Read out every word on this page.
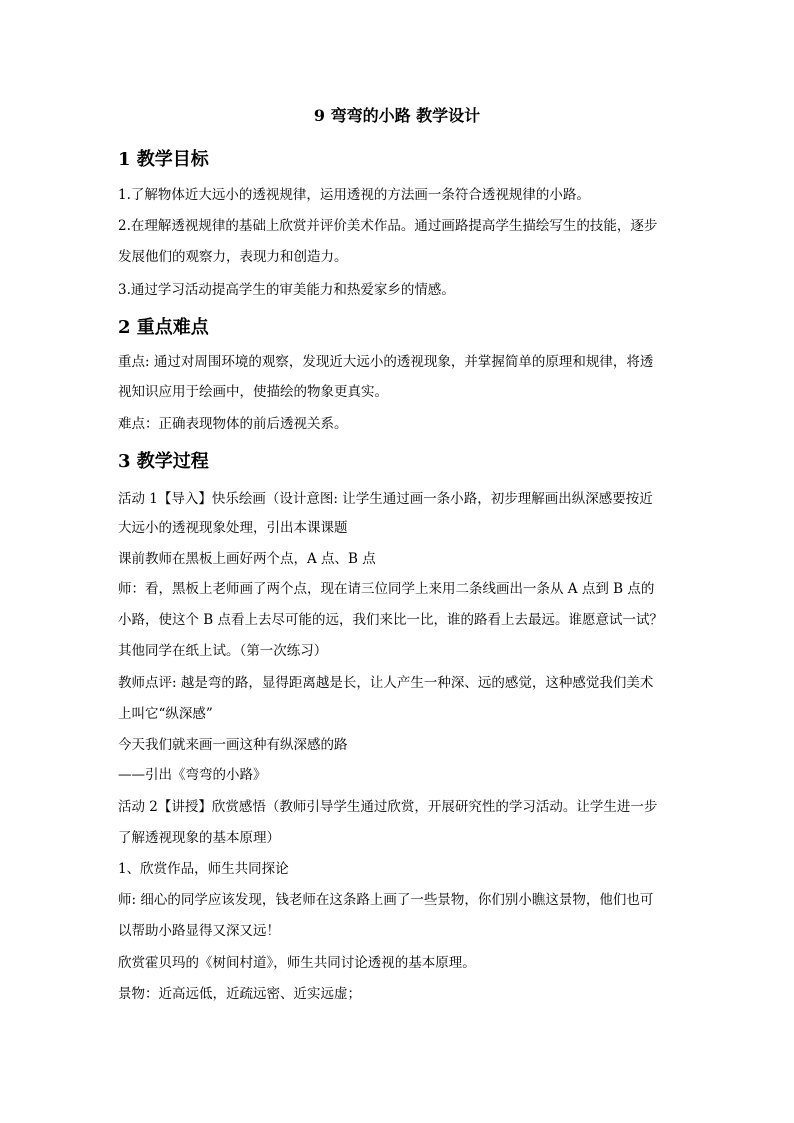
9 弯弯的小路 教学设计
1 教学目标
1.了解物体近大远小的透视规律，运用透视的方法画一条符合透视规律的小路。
2.在理解透视规律的基础上欣赏并评价美术作品。通过画路提高学生描绘写生的技能，逐步
发展他们的观察力，表现力和创造力。
3.通过学习活动提高学生的审美能力和热爱家乡的情感。
2 重点难点
重点: 通过对周围环境的观察，发现近大远小的透视现象，并掌握简单的原理和规律，将透
视知识应用于绘画中，使描绘的物象更真实。
难点：正确表现物体的前后透视关系。
3 教学过程
活动 1【导入】快乐绘画（设计意图: 让学生通过画一条小路，初步理解画出纵深感要按近
大远小的透视现象处理，引出本课课题
课前教师在黑板上画好两个点，A 点、B 点
师：看，黑板上老师画了两个点，现在请三位同学上来用二条线画出一条从 A 点到 B 点的
小路，使这个 B 点看上去尽可能的远，我们来比一比，谁的路看上去最远。谁愿意试一试？
其他同学在纸上试。（第一次练习）
教师点评: 越是弯的路，显得距离越是长，让人产生一种深、远的感觉，这种感觉我们美术
上叫它“纵深感”
今天我们就来画一画这种有纵深感的路
——引出《弯弯的小路》
活动 2【讲授】欣赏感悟（教师引导学生通过欣赏，开展研究性的学习活动。让学生进一步
了解透视现象的基本原理）
1、欣赏作品，师生共同探论
师: 细心的同学应该发现，钱老师在这条路上画了一些景物，你们别小瞧这景物，他们也可
以帮助小路显得又深又远！
欣赏霍贝玛的《树间村道》，师生共同讨论透视的基本原理。
景物：近高远低，近疏远密、近实远虚；
